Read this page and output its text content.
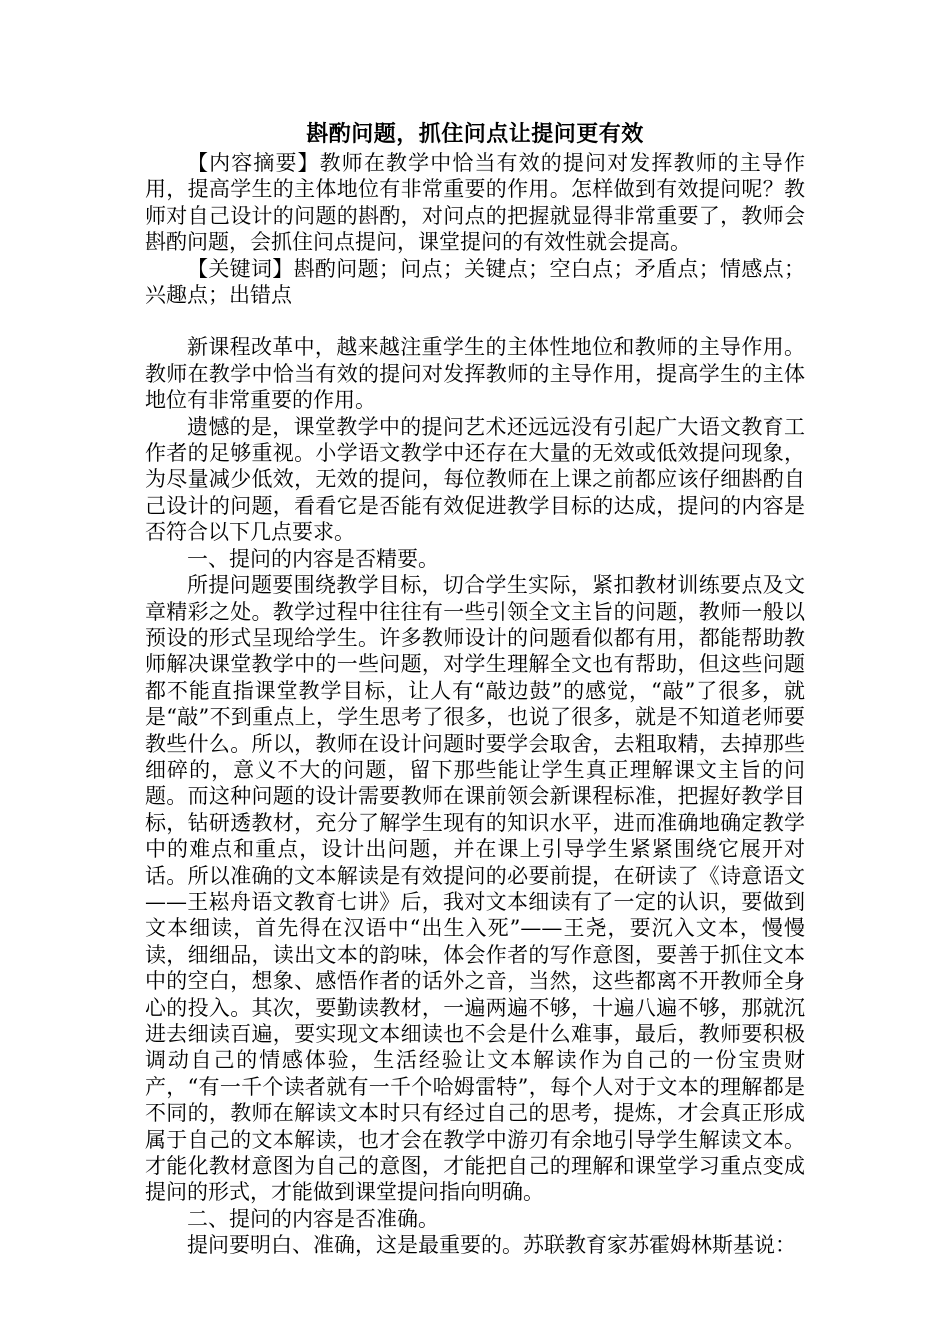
斟酌问题，抓住问点让提问更有效

【内容摘要】教师在教学中恰当有效的提问对发挥教师的主导作用，提高学生的主体地位有非常重要的作用。怎样做到有效提问呢？教师对自己设计的问题的斟酌，对问点的把握就显得非常重要了，教师会斟酌问题，会抓住问点提问，课堂提问的有效性就会提高。

【关键词】斟酌问题；问点；关键点；空白点；矛盾点；情感点；兴趣点；出错点

新课程改革中，越来越注重学生的主体性地位和教师的主导作用。教师在教学中恰当有效的提问对发挥教师的主导作用，提高学生的主体地位有非常重要的作用。

遗憾的是，课堂教学中的提问艺术还远远没有引起广大语文教育工作者的足够重视。小学语文教学中还存在大量的无效或低效提问现象，为尽量减少低效，无效的提问，每位教师在上课之前都应该仔细斟酌自己设计的问题，看看它是否能有效促进教学目标的达成，提问的内容是否符合以下几点要求。

一、提问的内容是否精要。

所提问题要围绕教学目标，切合学生实际，紧扣教材训练要点及文章精彩之处。教学过程中往往有一些引领全文主旨的问题，教师一般以预设的形式呈现给学生。许多教师设计的问题看似都有用，都能帮助教师解决课堂教学中的一些问题，对学生理解全文也有帮助，但这些问题都不能直指课堂教学目标，让人有“敲边鼓”的感觉，“敲”了很多，就是“敲”不到重点上，学生思考了很多，也说了很多，就是不知道老师要教些什么。所以，教师在设计问题时要学会取舍，去粗取精，去掉那些细碎的，意义不大的问题，留下那些能让学生真正理解课文主旨的问题。而这种问题的设计需要教师在课前领会新课程标准，把握好教学目标，钻研透教材，充分了解学生现有的知识水平，进而准确地确定教学中的难点和重点，设计出问题，并在课上引导学生紧紧围绕它展开对话。所以准确的文本解读是有效提问的必要前提，在研读了《诗意语文——王崧舟语文教育七讲》后，我对文本细读有了一定的认识，要做到文本细读，首先得在汉语中“出生入死”——王尧，要沉入文本，慢慢读，细细品，读出文本的韵味，体会作者的写作意图，要善于抓住文本中的空白，想象、感悟作者的话外之音，当然，这些都离不开教师全身心的投入。其次，要勤读教材，一遍两遍不够，十遍八遍不够，那就沉进去细读百遍，要实现文本细读也不会是什么难事，最后，教师要积极调动自己的情感体验，生活经验让文本解读作为自己的一份宝贵财产，“有一千个读者就有一千个哈姆雷特”，每个人对于文本的理解都是不同的，教师在解读文本时只有经过自己的思考，提炼，才会真正形成属于自己的文本解读，也才会在教学中游刃有余地引导学生解读文本。才能化教材意图为自己的意图，才能把自己的理解和课堂学习重点变成提问的形式，才能做到课堂提问指向明确。

二、提问的内容是否准确。

提问要明白、准确，这是最重要的。苏联教育家苏霍姆林斯基说：
